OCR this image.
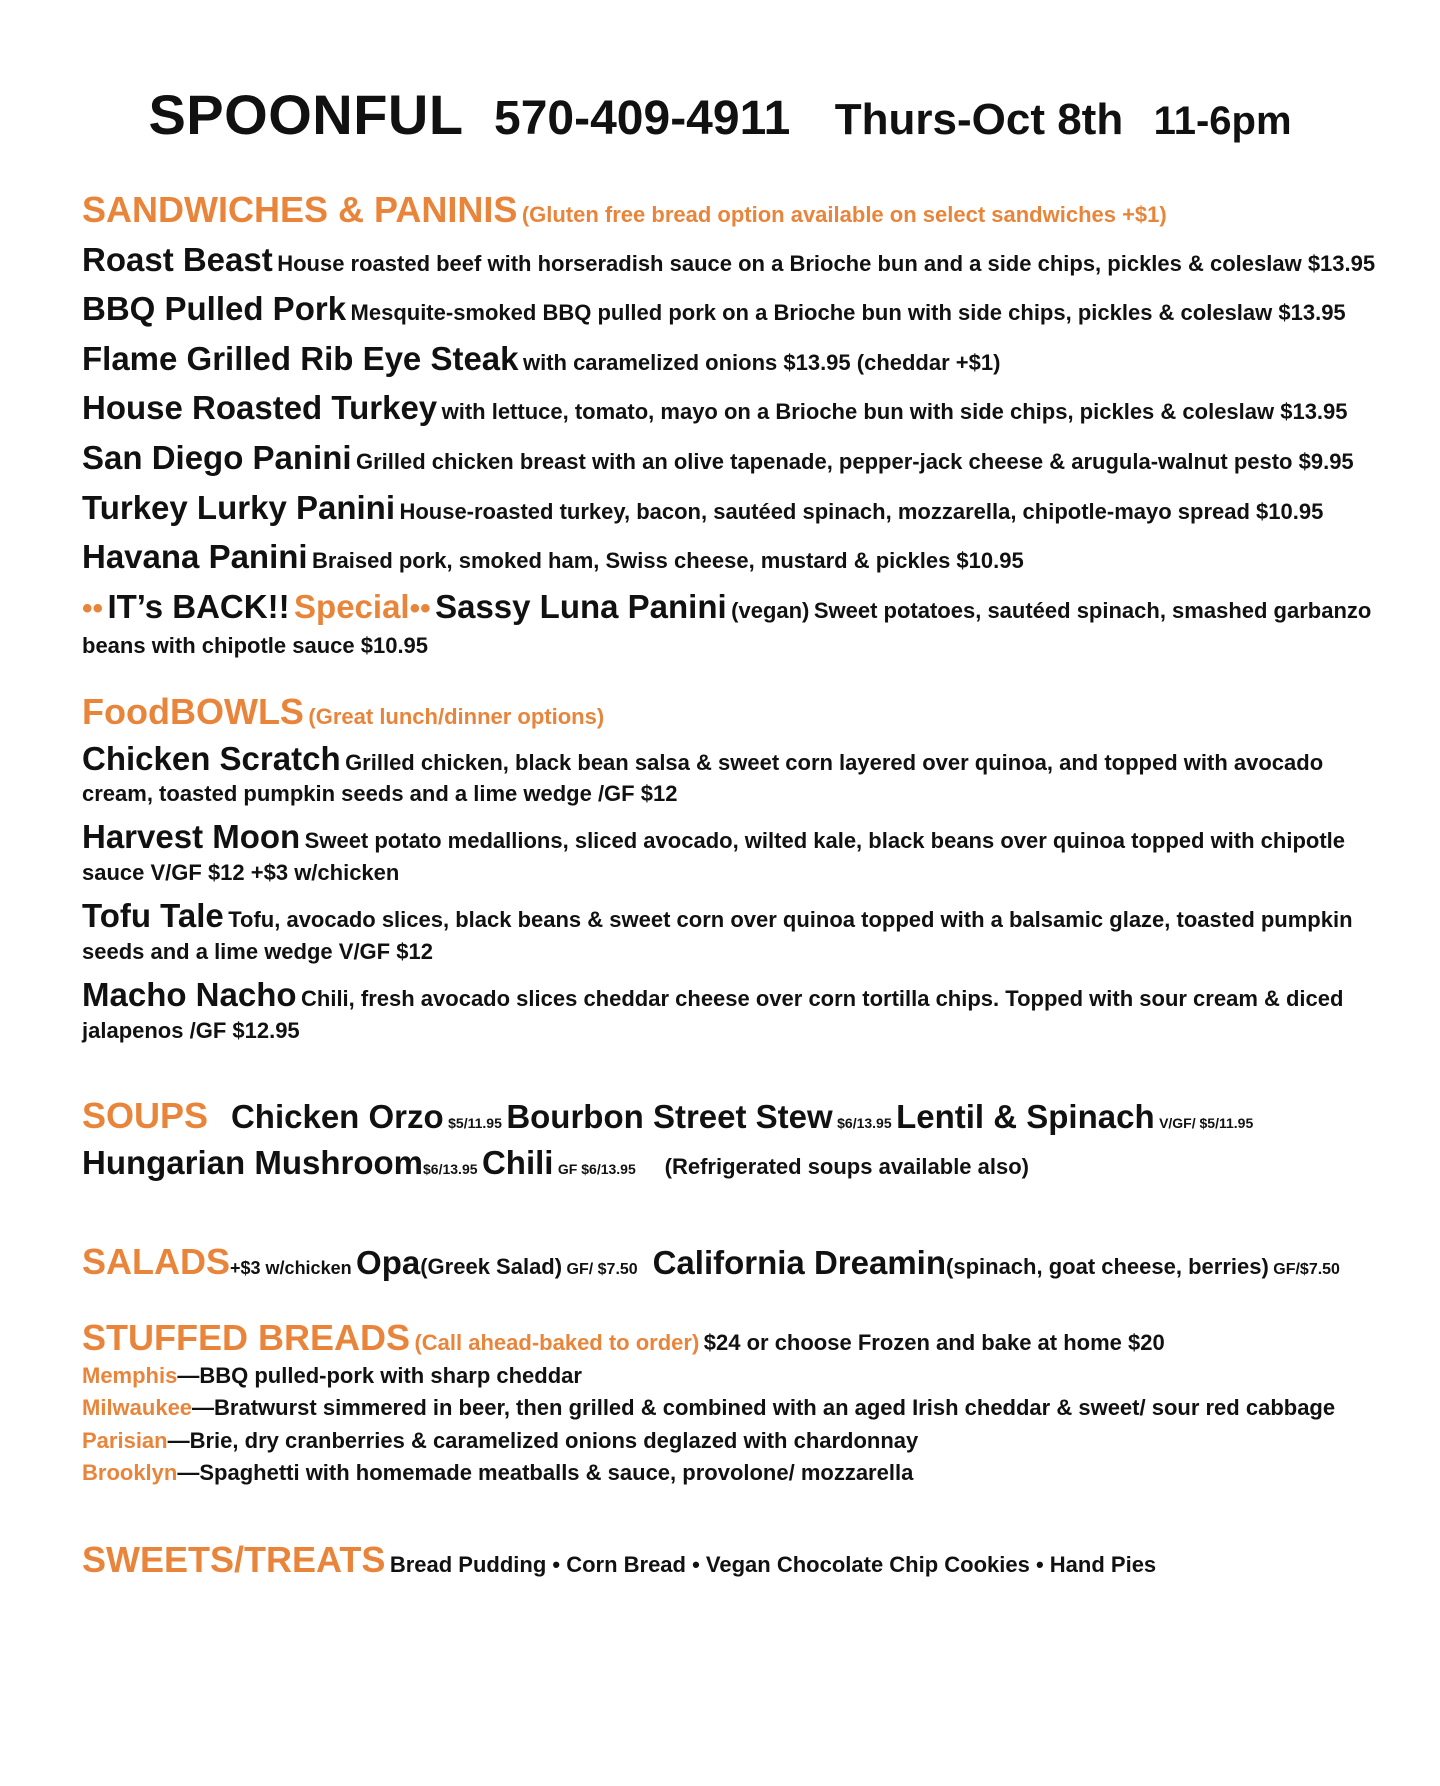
SPOONFUL 570-409-4911 Thurs-Oct 8th 11-6pm
SANDWICHES & PANINIS (Gluten free bread option available on select sandwiches +$1)
Roast Beast House roasted beef with horseradish sauce on a Brioche bun and a side chips, pickles & coleslaw $13.95
BBQ Pulled Pork Mesquite-smoked BBQ pulled pork on a Brioche bun with side chips, pickles & coleslaw $13.95
Flame Grilled Rib Eye Steak with caramelized onions $13.95 (cheddar +$1)
House Roasted Turkey with lettuce, tomato, mayo on a Brioche bun with side chips, pickles & coleslaw $13.95
San Diego Panini Grilled chicken breast with an olive tapenade, pepper-jack cheese & arugula-walnut pesto $9.95
Turkey Lurky Panini House-roasted turkey, bacon, sautéed spinach, mozzarella, chipotle-mayo spread $10.95
Havana Panini Braised pork, smoked ham, Swiss cheese, mustard & pickles $10.95
•• IT’s BACK!! Special•• Sassy Luna Panini (vegan) Sweet potatoes, sautéed spinach, smashed garbanzo beans with chipotle sauce $10.95
FoodBOWLS (Great lunch/dinner options)
Chicken Scratch Grilled chicken, black bean salsa & sweet corn layered over quinoa, and topped with avocado cream, toasted pumpkin seeds and a lime wedge /GF $12
Harvest Moon Sweet potato medallions, sliced avocado, wilted kale, black beans over quinoa topped with chipotle sauce V/GF $12 +$3 w/chicken
Tofu Tale Tofu, avocado slices, black beans & sweet corn over quinoa topped with a balsamic glaze, toasted pumpkin seeds and a lime wedge V/GF $12
Macho Nacho Chili, fresh avocado slices cheddar cheese over corn tortilla chips. Topped with sour cream & diced jalapenos /GF $12.95
SOUPS Chicken Orzo $5/11.95 Bourbon Street Stew $6/13.95 Lentil & Spinach V/GF/ $5/11.95
Hungarian Mushroom$6/13.95 Chili GF $6/13.95 (Refrigerated soups available also)
SALADS+$3 w/chicken Opa(Greek Salad) GF/ $7.50 California Dreamin(spinach, goat cheese, berries) GF/$7.50
STUFFED BREADS (Call ahead-baked to order) $24 or choose Frozen and bake at home $20
Memphis—BBQ pulled-pork with sharp cheddar
Milwaukee—Bratwurst simmered in beer, then grilled & combined with an aged Irish cheddar & sweet/ sour red cabbage
Parisian—Brie, dry cranberries & caramelized onions deglazed with chardonnay
Brooklyn—Spaghetti with homemade meatballs & sauce, provolone/ mozzarella
SWEETS/TREATS Bread Pudding • Corn Bread • Vegan Chocolate Chip Cookies • Hand Pies
